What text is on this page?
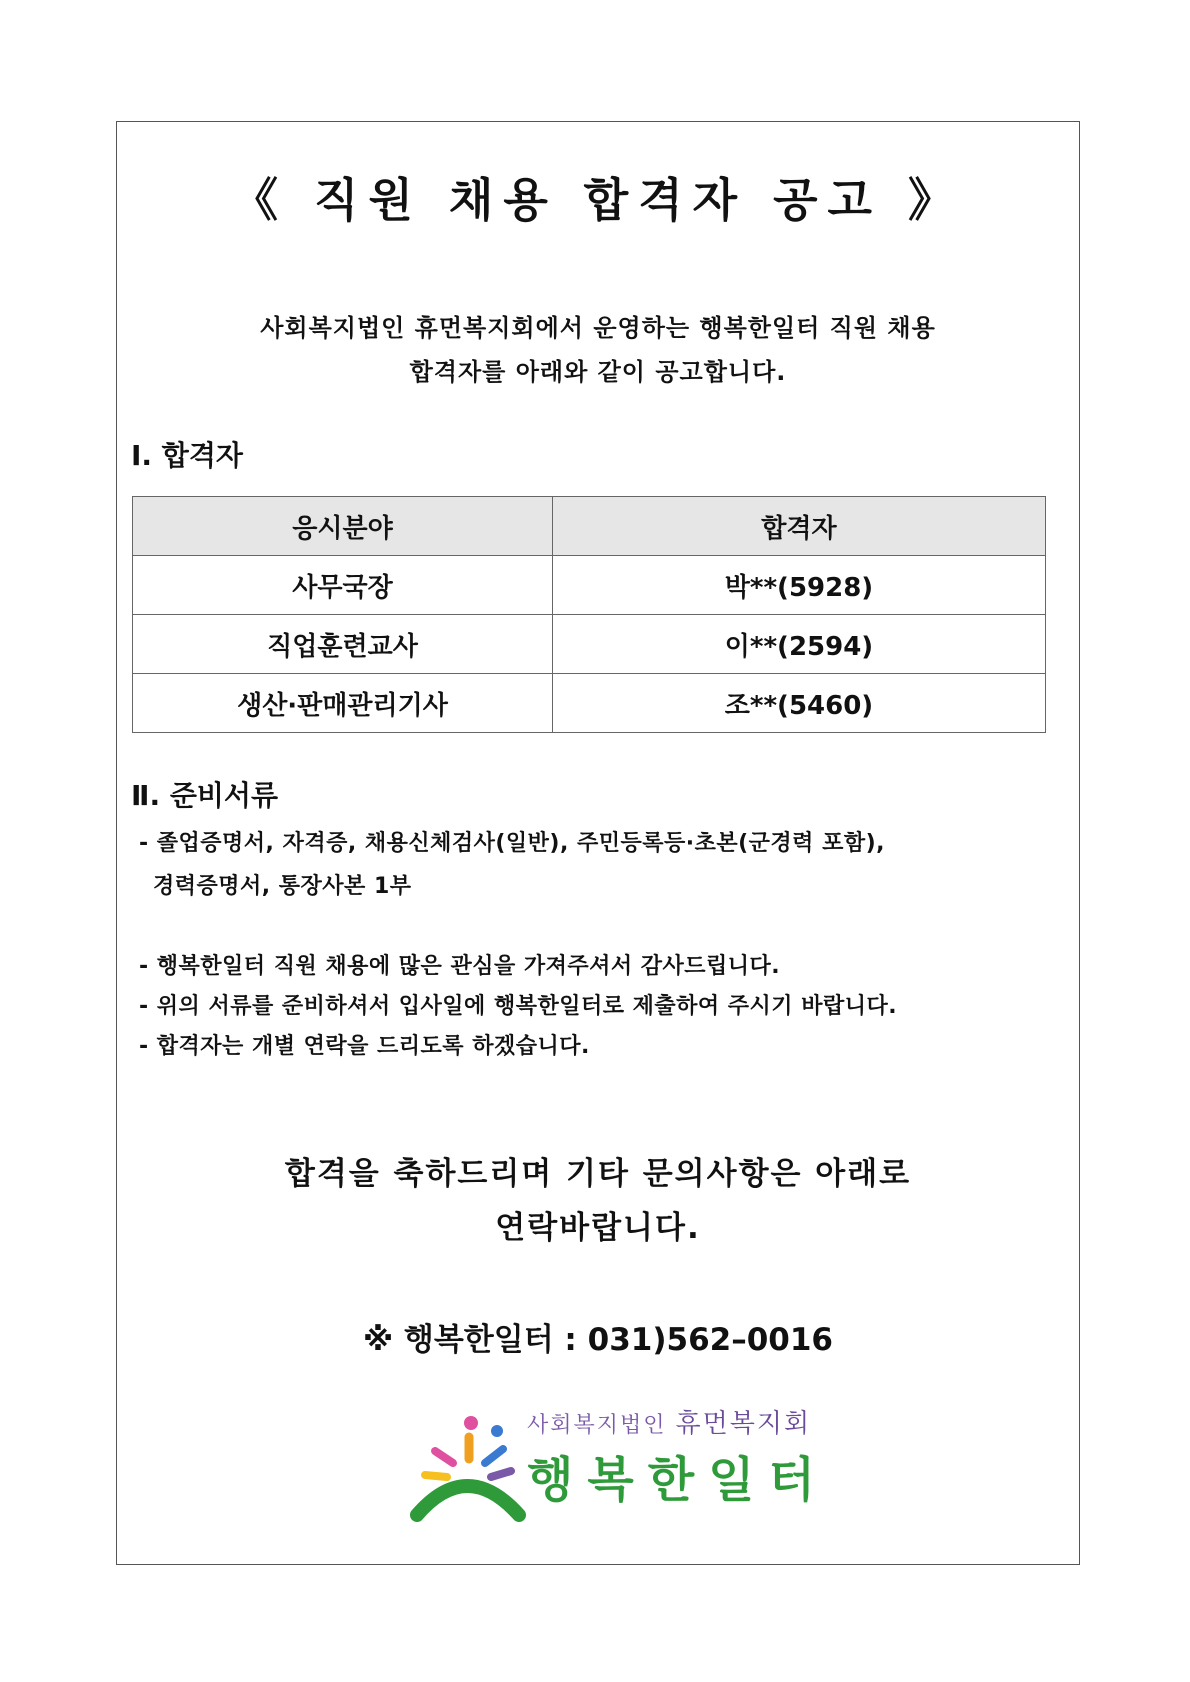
《 직원 채용 합격자 공고 》
사회복지법인 휴먼복지회에서 운영하는 행복한일터 직원 채용
합격자를 아래와 같이 공고합니다.
Ⅰ. 합격자
응시분야	합격자
사무국장	박**(5928)
직업훈련교사	이**(2594)
생산·판매관리기사	조**(5460)
Ⅱ. 준비서류
- 졸업증명서, 자격증, 채용신체검사(일반), 주민등록등·초본(군경력 포함),
경력증명서, 통장사본 1부
- 행복한일터 직원 채용에 많은 관심을 가져주셔서 감사드립니다.
- 위의 서류를 준비하셔서 입사일에 행복한일터로 제출하여 주시기 바랍니다.
- 합격자는 개별 연락을 드리도록 하겠습니다.
합격을 축하드리며 기타 문의사항은 아래로
연락바랍니다.
※ 행복한일터 : 031)562–0016
사회복지법인 휴먼복지회
행복한일터
